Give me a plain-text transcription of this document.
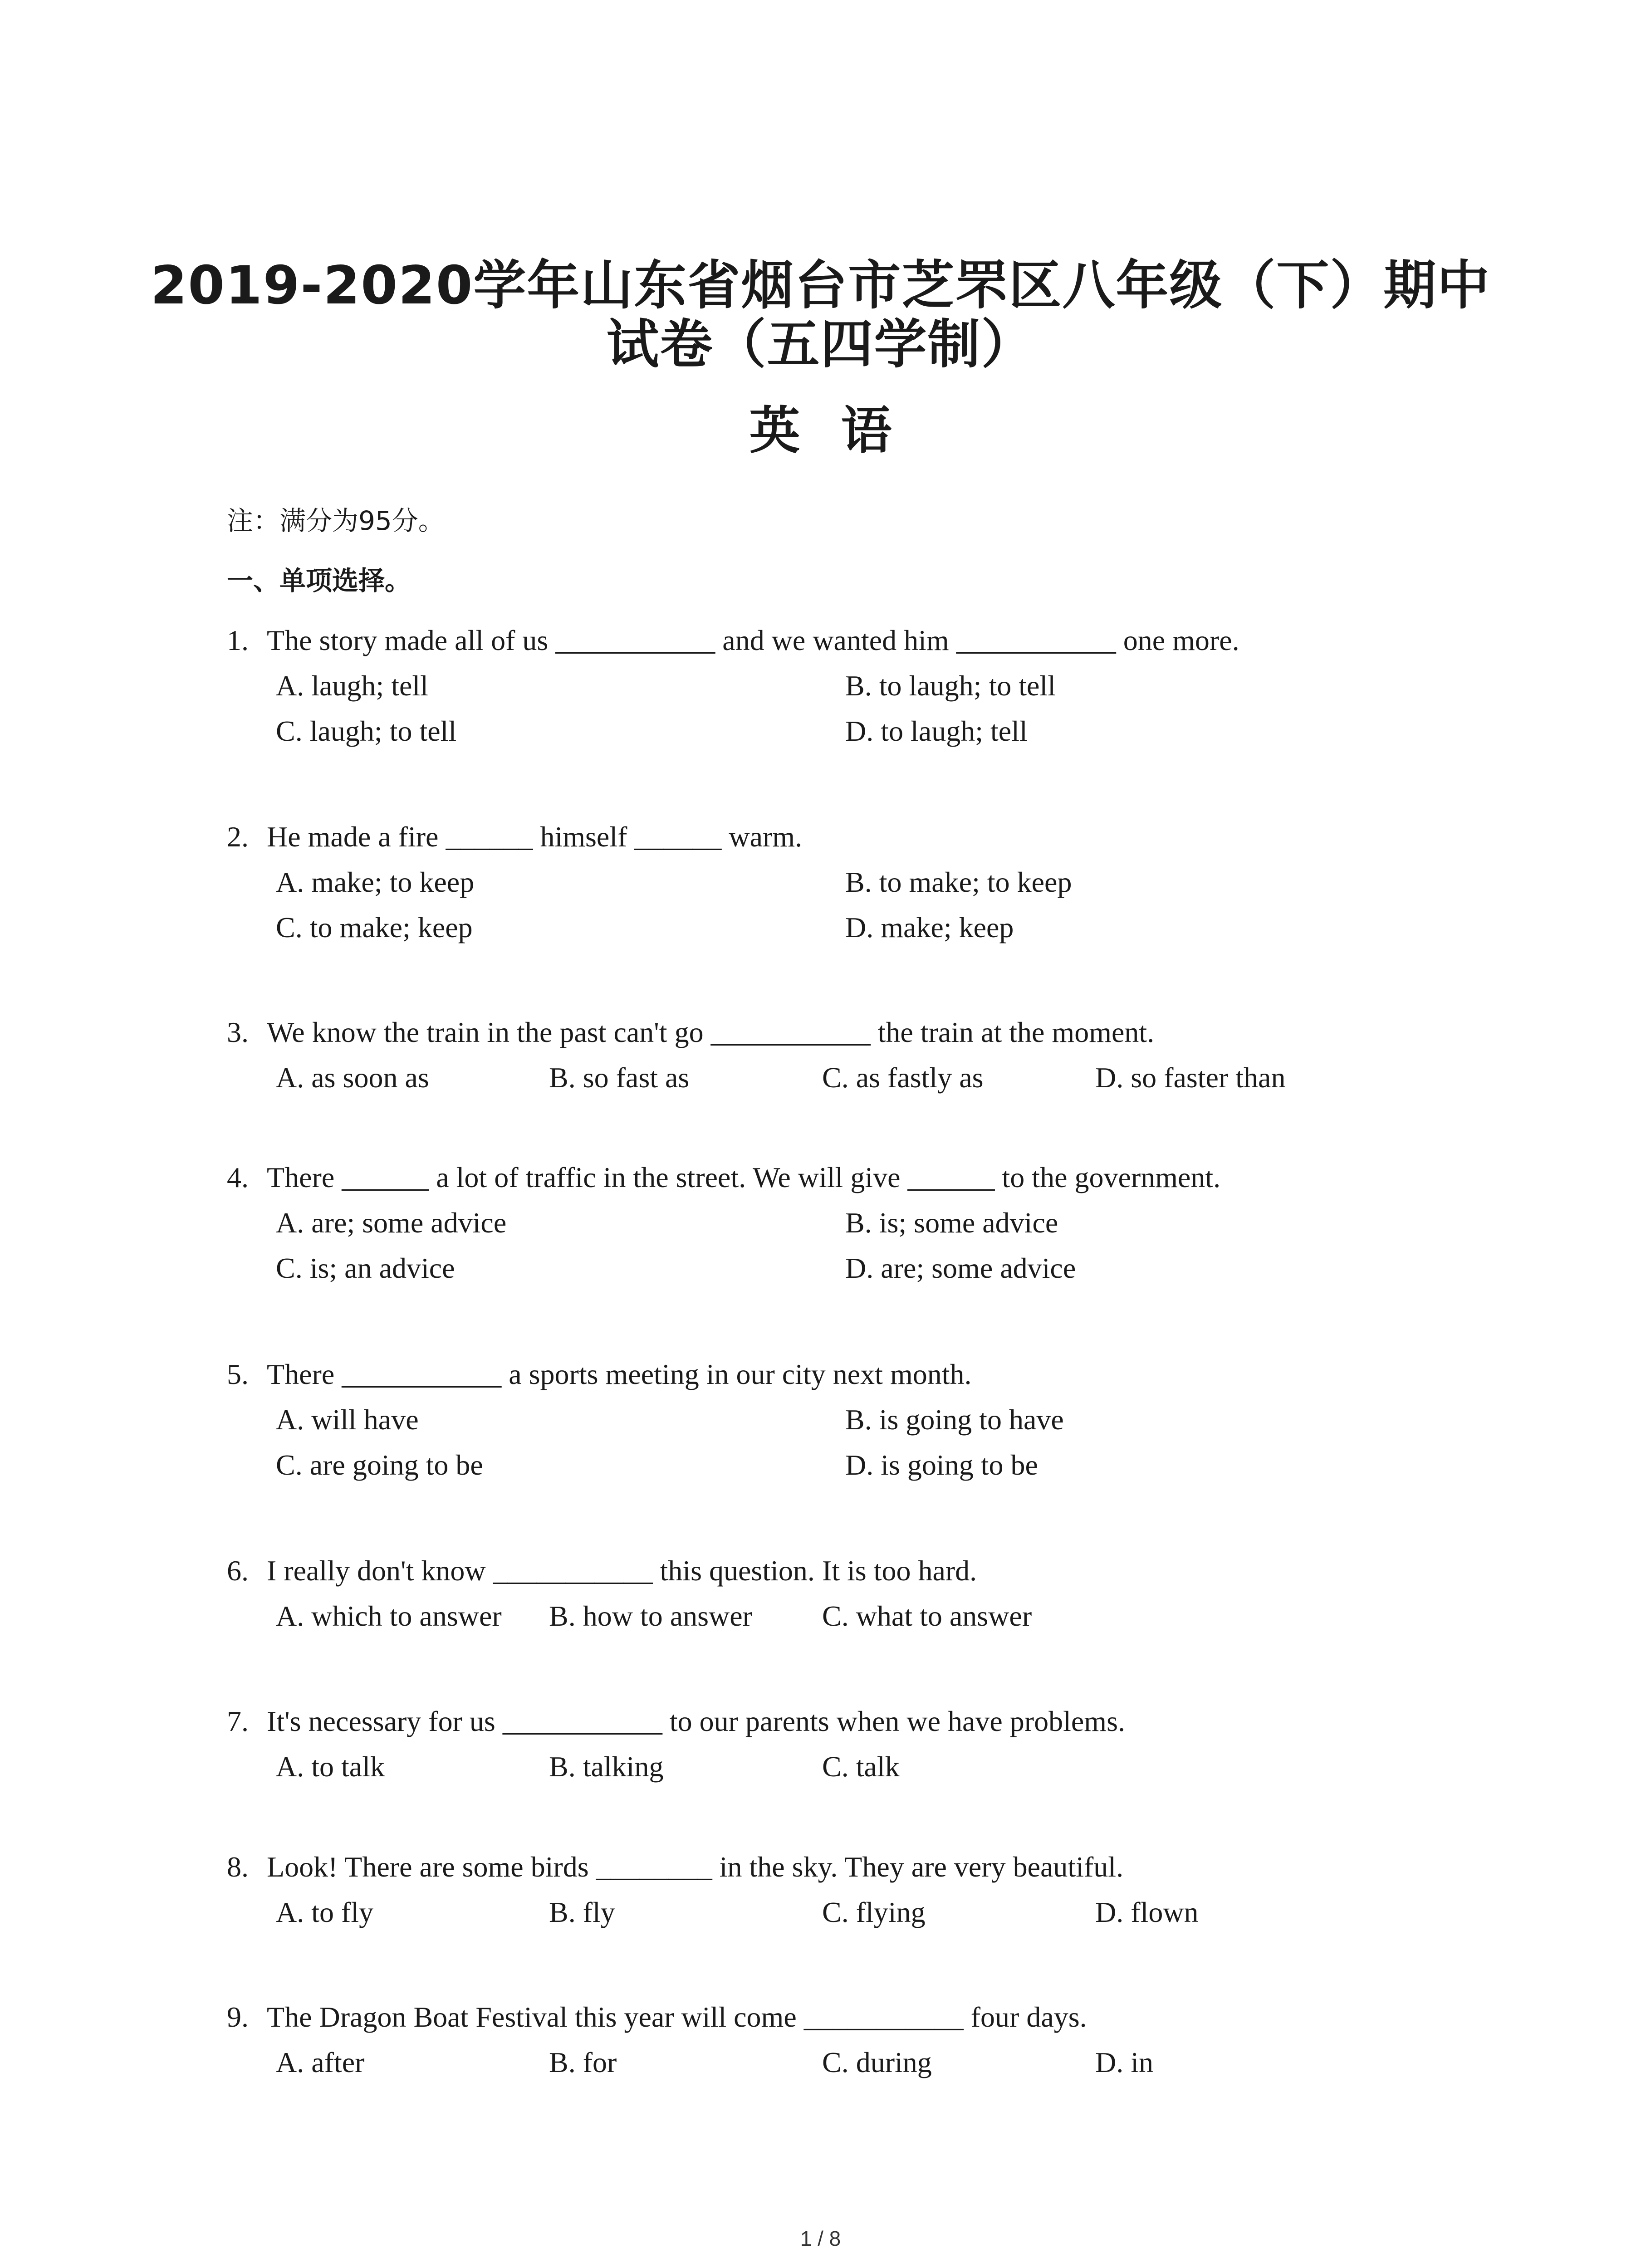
2019-2020学年山东省烟台市芝罘区八年级（下）期中
试卷（五四学制）
英语
注：满分为95分。
一、单项选择。
1. The story made all of us ___________ and we wanted him ___________ one more.
A. laugh; tell	B. to laugh; to tell
C. laugh; to tell	D. to laugh; tell
2. He made a fire ______ himself ______ warm.
A. make; to keep	B. to make; to keep
C. to make; keep	D. make; keep
3. We know the train in the past can't go ___________ the train at the moment.
A. as soon as	B. so fast as	C. as fastly as	D. so faster than
4. There ______ a lot of traffic in the street. We will give ______ to the government.
A. are; some advice	B. is; some advice
C. is; an advice	D. are; some advice
5. There ___________ a sports meeting in our city next month.
A. will have	B. is going to have
C. are going to be	D. is going to be
6. I really don't know ___________ this question. It is too hard.
A. which to answer	B. how to answer	C. what to answer
7. It's necessary for us ___________ to our parents when we have problems.
A. to talk	B. talking	C. talk
8. Look! There are some birds ________ in the sky. They are very beautiful.
A. to fly	B. fly	C. flying	D. flown
9. The Dragon Boat Festival this year will come ___________ four days.
A. after	B. for	C. during	D. in
1 / 8
